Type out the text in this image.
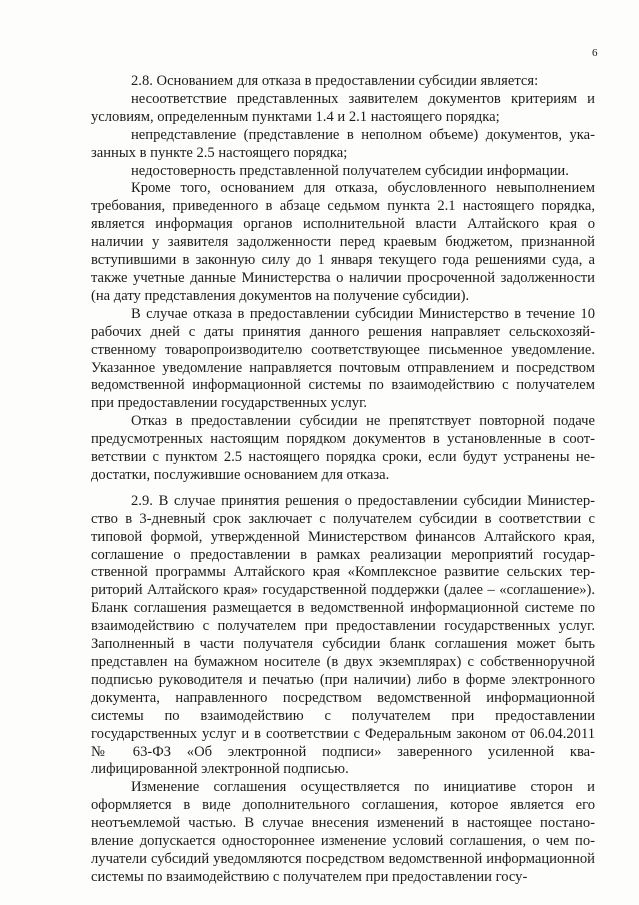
6

2.8. Основанием для отказа в предоставлении субсидии является:

несоответствие представленных заявителем документов критериям и условиям, определенным пунктами 1.4 и 2.1 настоящего порядка;

непредставление (представление в неполном объеме) документов, указанных в пункте 2.5 настоящего порядка;

недостоверность представленной получателем субсидии информации.

Кроме того, основанием для отказа, обусловленного невыполнением требования, приведенного в абзаце седьмом пункта 2.1 настоящего порядка, является информация органов исполнительной власти Алтайского края о наличии у заявителя задолженности перед краевым бюджетом, признанной вступившими в законную силу до 1 января текущего года решениями суда, а также учетные данные Министерства о наличии просроченной задолженности (на дату представления документов на получение субсидии).

В случае отказа в предоставлении субсидии Министерство в течение 10 рабочих дней с даты принятия данного решения направляет сельскохозяйственному товаропроизводителю соответствующее письменное уведомление. Указанное уведомление направляется почтовым отправлением и посредством ведомственной информационной системы по взаимодействию с получателем при предоставлении государственных услуг.

Отказ в предоставлении субсидии не препятствует повторной подаче предусмотренных настоящим порядком документов в установленные в соответствии с пунктом 2.5 настоящего порядка сроки, если будут устранены недостатки, послужившие основанием для отказа.

2.9. В случае принятия решения о предоставлении субсидии Министерство в 3-дневный срок заключает с получателем субсидии в соответствии с типовой формой, утвержденной Министерством финансов Алтайского края, соглашение о предоставлении в рамках реализации мероприятий государственной программы Алтайского края «Комплексное развитие сельских территорий Алтайского края» государственной поддержки (далее – «соглашение»). Бланк соглашения размещается в ведомственной информационной системе по взаимодействию с получателем при предоставлении государственных услуг. Заполненный в части получателя субсидии бланк соглашения может быть представлен на бумажном носителе (в двух экземплярах) с собственноручной подписью руководителя и печатью (при наличии) либо в форме электронного документа, направленного посредством ведомственной информационной системы по взаимодействию с получателем при предоставлении государственных услуг и в соответствии с Федеральным законом от 06.04.2011 № 63-ФЗ «Об электронной подписи» заверенного усиленной квалифицированной электронной подписью.

Изменение соглашения осуществляется по инициативе сторон и оформляется в виде дополнительного соглашения, которое является его неотъемлемой частью. В случае внесения изменений в настоящее постановление допускается одностороннее изменение условий соглашения, о чем получатели субсидий уведомляются посредством ведомственной информационной системы по взаимодействию с получателем при предоставлении госу-
